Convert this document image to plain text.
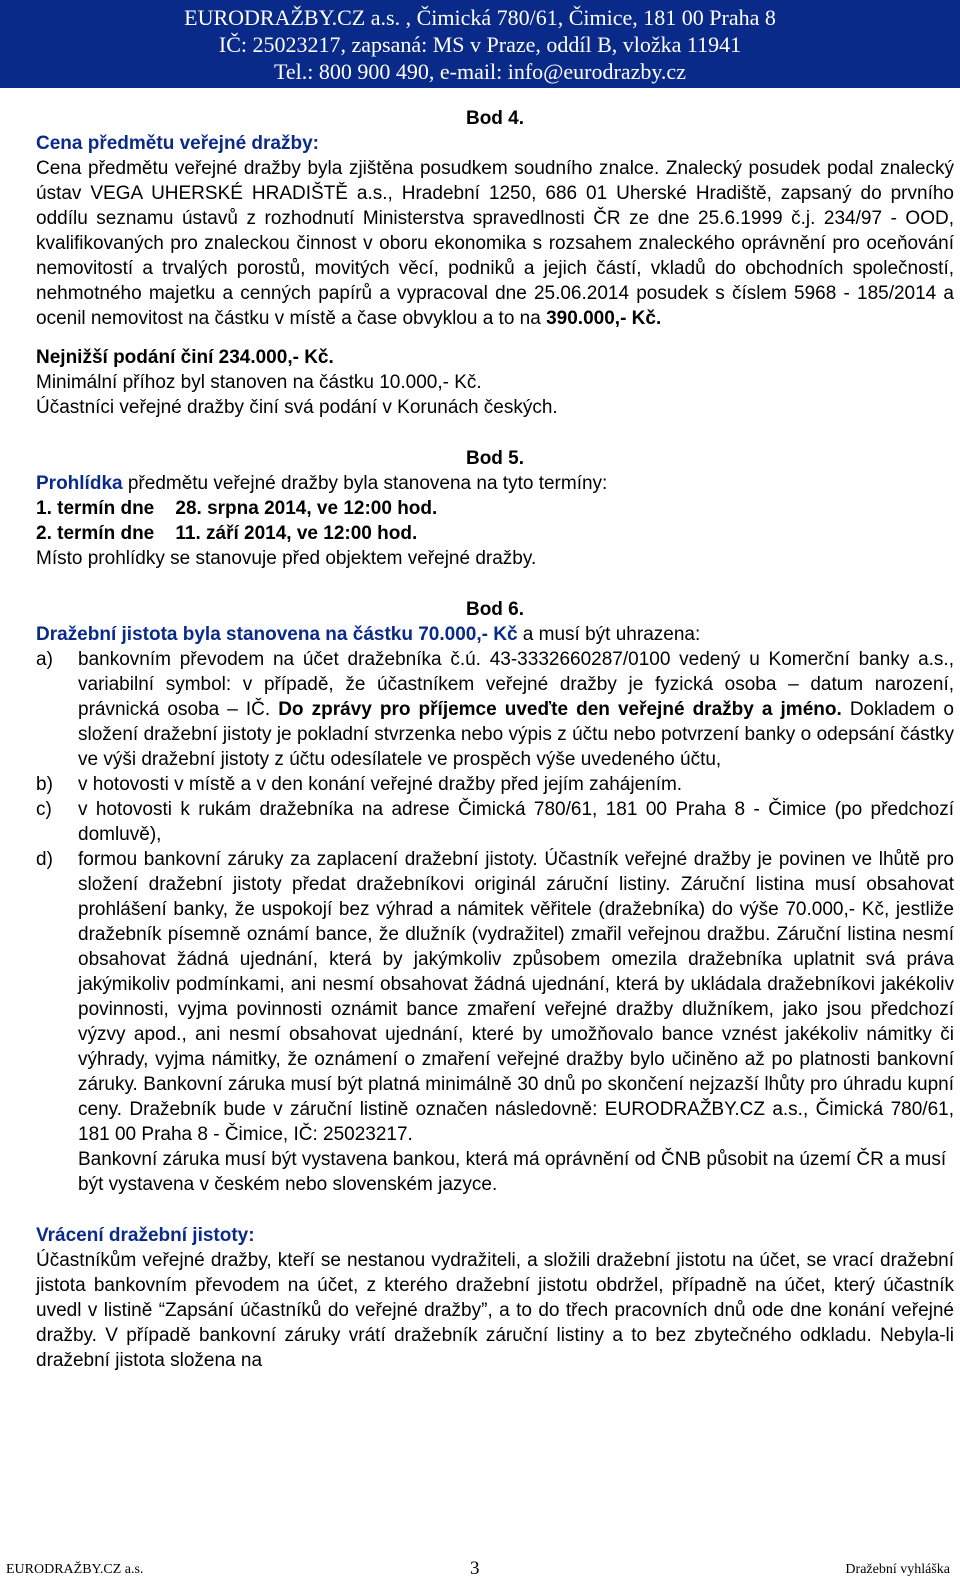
EURODRAŽBY.CZ a.s. , Čimická 780/61, Čimice, 181 00 Praha 8
IČ: 25023217, zapsaná: MS v Praze, oddíl B, vložka 11941
Tel.: 800 900 490, e-mail: info@eurodrazby.cz
Bod 4.
Cena předmětu veřejné dražby:
Cena předmětu veřejné dražby byla zjištěna posudkem soudního znalce. Znalecký posudek podal znalecký ústav VEGA UHERSKÉ HRADIŠTĚ a.s., Hradební 1250, 686 01 Uherské Hradiště, zapsaný do prvního oddílu seznamu ústavů z rozhodnutí Ministerstva spravedlnosti ČR ze dne 25.6.1999 č.j. 234/97 - OOD, kvalifikovaných pro znaleckou činnost v oboru ekonomika s rozsahem znaleckého oprávnění pro oceňování nemovitostí a trvalých porostů, movitých věcí, podniků a jejich částí, vkladů do obchodních společností, nehmotného majetku a cenných papírů a vypracoval dne 25.06.2014 posudek s číslem 5968 - 185/2014 a ocenil nemovitost na částku v místě a čase obvyklou a to na 390.000,- Kč.
Nejnižší podání činí 234.000,- Kč.
Minimální příhoz byl stanoven na částku 10.000,- Kč.
Účastníci veřejné dražby činí svá podání v Korunách českých.
Bod 5.
Prohlídka předmětu veřejné dražby byla stanovena na tyto termíny:
1. termín dne 28. srpna 2014, ve 12:00 hod.
2. termín dne 11. září 2014, ve 12:00 hod.
Místo prohlídky se stanovuje před objektem veřejné dražby.
Bod 6.
Dražební jistota byla stanovena na částku 70.000,- Kč a musí být uhrazena:
a) bankovním převodem na účet dražebníka č.ú. 43-3332660287/0100 vedený u Komerční banky a.s., variabilní symbol: v případě, že účastníkem veřejné dražby je fyzická osoba – datum narození, právnická osoba – IČ. Do zprávy pro příjemce uveďte den veřejné dražby a jméno. Dokladem o složení dražební jistoty je pokladní stvrzenka nebo výpis z účtu nebo potvrzení banky o odepsání částky ve výši dražební jistoty z účtu odesílatele ve prospěch výše uvedeného účtu,
b) v hotovosti v místě a v den konání veřejné dražby před jejím zahájením.
c) v hotovosti k rukám dražebníka na adrese Čimická 780/61, 181 00 Praha 8 - Čimice (po předchozí domluvě),
d) formou bankovní záruky za zaplacení dražební jistoty. Účastník veřejné dražby je povinen ve lhůtě pro složení dražební jistoty předat dražebníkovi originál záruční listiny. Záruční listina musí obsahovat prohlášení banky, že uspokojí bez výhrad a námitek věřitele (dražebníka) do výše 70.000,- Kč, jestliže dražebník písemně oznámí bance, že dlužník (vydražitel) zmařil veřejnou dražbu. Záruční listina nesmí obsahovat žádná ujednání, která by jakýmkoliv způsobem omezila dražebníka uplatnit svá práva jakýmikoliv podmínkami, ani nesmí obsahovat žádná ujednání, která by ukládala dražebníkovi jakékoliv povinnosti, vyjma povinnosti oznámit bance zmaření veřejné dražby dlužníkem, jako jsou předchozí výzvy apod., ani nesmí obsahovat ujednání, které by umožňovalo bance vznést jakékoliv námitky či výhrady, vyjma námitky, že oznámení o zmaření veřejné dražby bylo učiněno až po platnosti bankovní záruky. Bankovní záruka musí být platná minimálně 30 dnů po skončení nejzazší lhůty pro úhradu kupní ceny. Dražebník bude v záruční listině označen následovně: EURODRAŽBY.CZ a.s., Čimická 780/61, 181 00 Praha 8 - Čimice, IČ: 25023217.
Bankovní záruka musí být vystavena bankou, která má oprávnění od ČNB působit na území ČR a musí být vystavena v českém nebo slovenském jazyce.
Vrácení dražební jistoty:
Účastníkům veřejné dražby, kteří se nestanou vydražiteli, a složili dražební jistotu na účet, se vrací dražební jistota bankovním převodem na účet, z kterého dražební jistotu obdržel, případně na účet, který účastník uvedl v listině “Zapsání účastníků do veřejné dražby”, a to do třech pracovních dnů ode dne konání veřejné dražby. V případě bankovní záruky vrátí dražebník záruční listiny a to bez zbytečného odkladu. Nebyla-li dražební jistota složena na
EURODRAŽBY.CZ a.s.	3	Dražební vyhláška
